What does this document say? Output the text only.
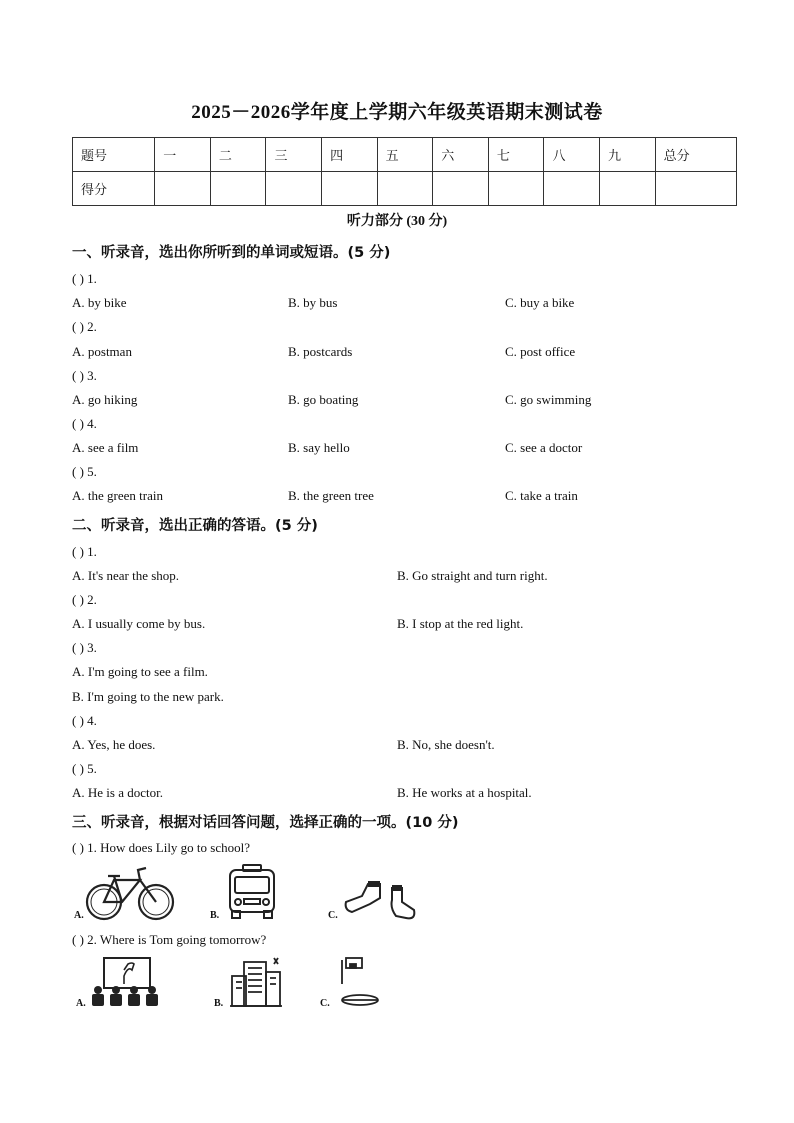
2025－2026学年度上学期六年级英语期末测试卷
题号	一	二	三	四	五	六	七	八	九	总分
得分										
听力部分 (30 分)
一、听录音，选出你所听到的单词或短语。(5 分)
( ) 1.
A. by bike	B. by bus	C. buy a bike
( ) 2.
A. postman	B. postcards	C. post office
( ) 3.
A. go hiking	B. go boating	C. go swimming
( ) 4.
A. see a film	B. say hello	C. see a doctor
( ) 5.
A. the green train	B. the green tree	C. take a train
二、听录音，选出正确的答语。(5 分)
( ) 1.
A. It's near the shop.	B. Go straight and turn right.
( ) 2.
A. I usually come by bus.	B. I stop at the red light.
( ) 3.
A. I'm going to see a film.
B. I'm going to the new park.
( ) 4.
A. Yes, he does.	B. No, she doesn't.
( ) 5.
A. He is a doctor.	B. He works at a hospital.
三、听录音，根据对话回答问题，选择正确的一项。(10 分)
( ) 1. How does Lily go to school?
A.	B.	C.
( ) 2. Where is Tom going tomorrow?
A.	B.	C.
